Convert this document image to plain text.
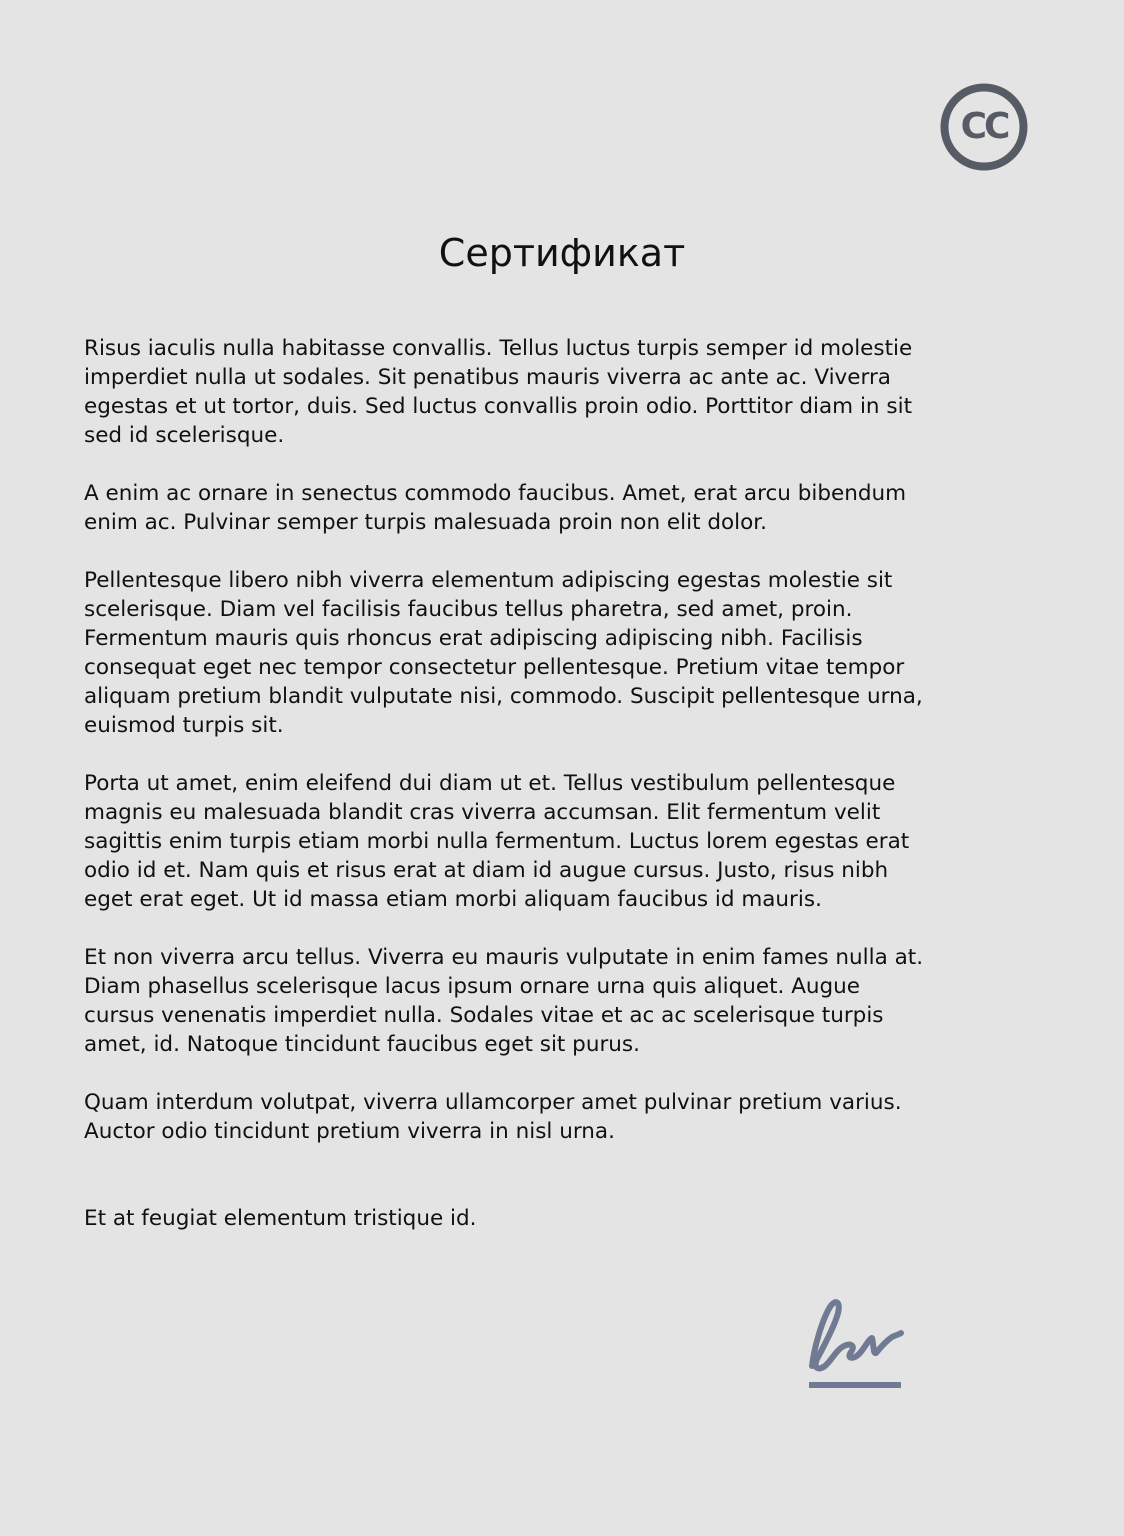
CC
Сертификат

Risus iaculis nulla habitasse convallis. Tellus luctus turpis semper id molestie
imperdiet nulla ut sodales. Sit penatibus mauris viverra ac ante ac. Viverra
egestas et ut tortor, duis. Sed luctus convallis proin odio. Porttitor diam in sit
sed id scelerisque.

A enim ac ornare in senectus commodo faucibus. Amet, erat arcu bibendum
enim ac. Pulvinar semper turpis malesuada proin non elit dolor.

Pellentesque libero nibh viverra elementum adipiscing egestas molestie sit
scelerisque. Diam vel facilisis faucibus tellus pharetra, sed amet, proin.
Fermentum mauris quis rhoncus erat adipiscing adipiscing nibh. Facilisis
consequat eget nec tempor consectetur pellentesque. Pretium vitae tempor
aliquam pretium blandit vulputate nisi, commodo. Suscipit pellentesque urna,
euismod turpis sit.

Porta ut amet, enim eleifend dui diam ut et. Tellus vestibulum pellentesque
magnis eu malesuada blandit cras viverra accumsan. Elit fermentum velit
sagittis enim turpis etiam morbi nulla fermentum. Luctus lorem egestas erat
odio id et. Nam quis et risus erat at diam id augue cursus. Justo, risus nibh
eget erat eget. Ut id massa etiam morbi aliquam faucibus id mauris.

Et non viverra arcu tellus. Viverra eu mauris vulputate in enim fames nulla at.
Diam phasellus scelerisque lacus ipsum ornare urna quis aliquet. Augue
cursus venenatis imperdiet nulla. Sodales vitae et ac ac scelerisque turpis
amet, id. Natoque tincidunt faucibus eget sit purus.

Quam interdum volutpat, viverra ullamcorper amet pulvinar pretium varius.
Auctor odio tincidunt pretium viverra in nisl urna.

Et at feugiat elementum tristique id.
